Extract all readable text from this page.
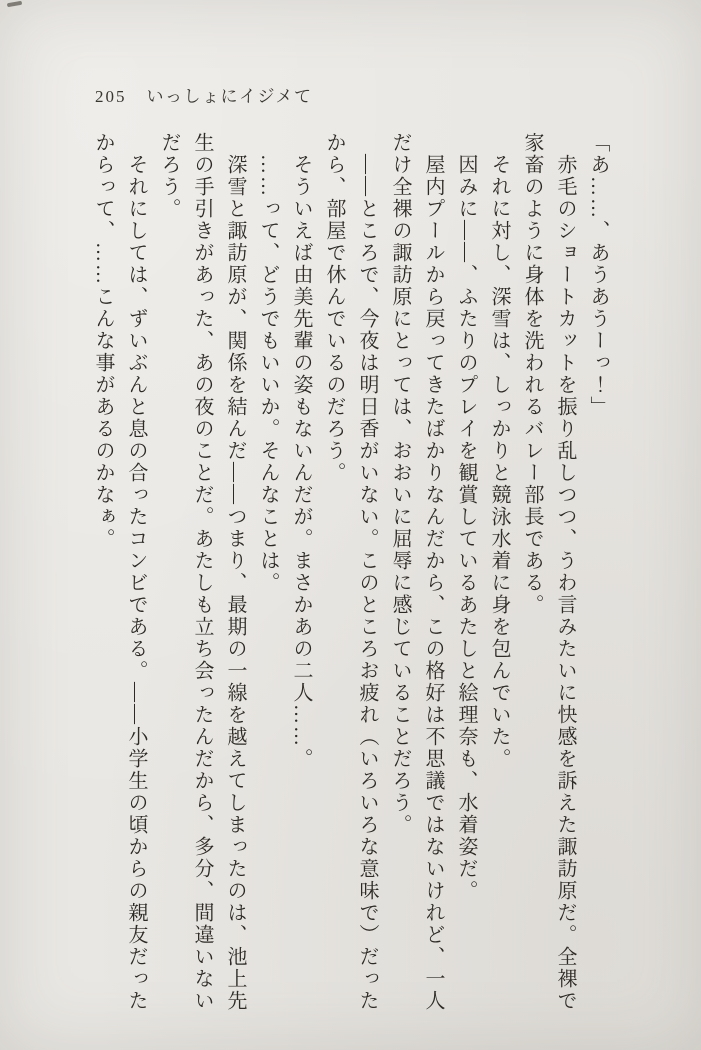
205 いっしょにイジメて

「あ……、あうあうーっ！」

赤毛のショートカットを振り乱しつつ、うわ言みたいに快感を訴えた諏訪原だ。全裸で家畜のように身体を洗われるバレー部長である。

それに対し、深雪は、しっかりと競泳水着に身を包んでいた。

因みに――、ふたりのプレイを観賞しているあたしと絵理奈も、水着姿だ。

屋内プールから戻ってきたばかりなんだから、この格好は不思議ではないけれど、一人だけ全裸の諏訪原にとっては、おおいに屈辱に感じていることだろう。

――ところで、今夜は明日香がいない。このところお疲れ（いろいろな意味で）だったから、部屋で休んでいるのだろう。

そういえば由美先輩の姿もないんだが。まさかあの二人……。

……って、どうでもいいか。そんなことは。

深雪と諏訪原が、関係を結んだ――つまり、最期の一線を越えてしまったのは、池上先生の手引きがあった、あの夜のことだ。あたしも立ち会ったんだから、多分、間違いないだろう。

それにしては、ずいぶんと息の合ったコンビである。――小学生の頃からの親友だったからって、……こんな事があるのかなぁ。
